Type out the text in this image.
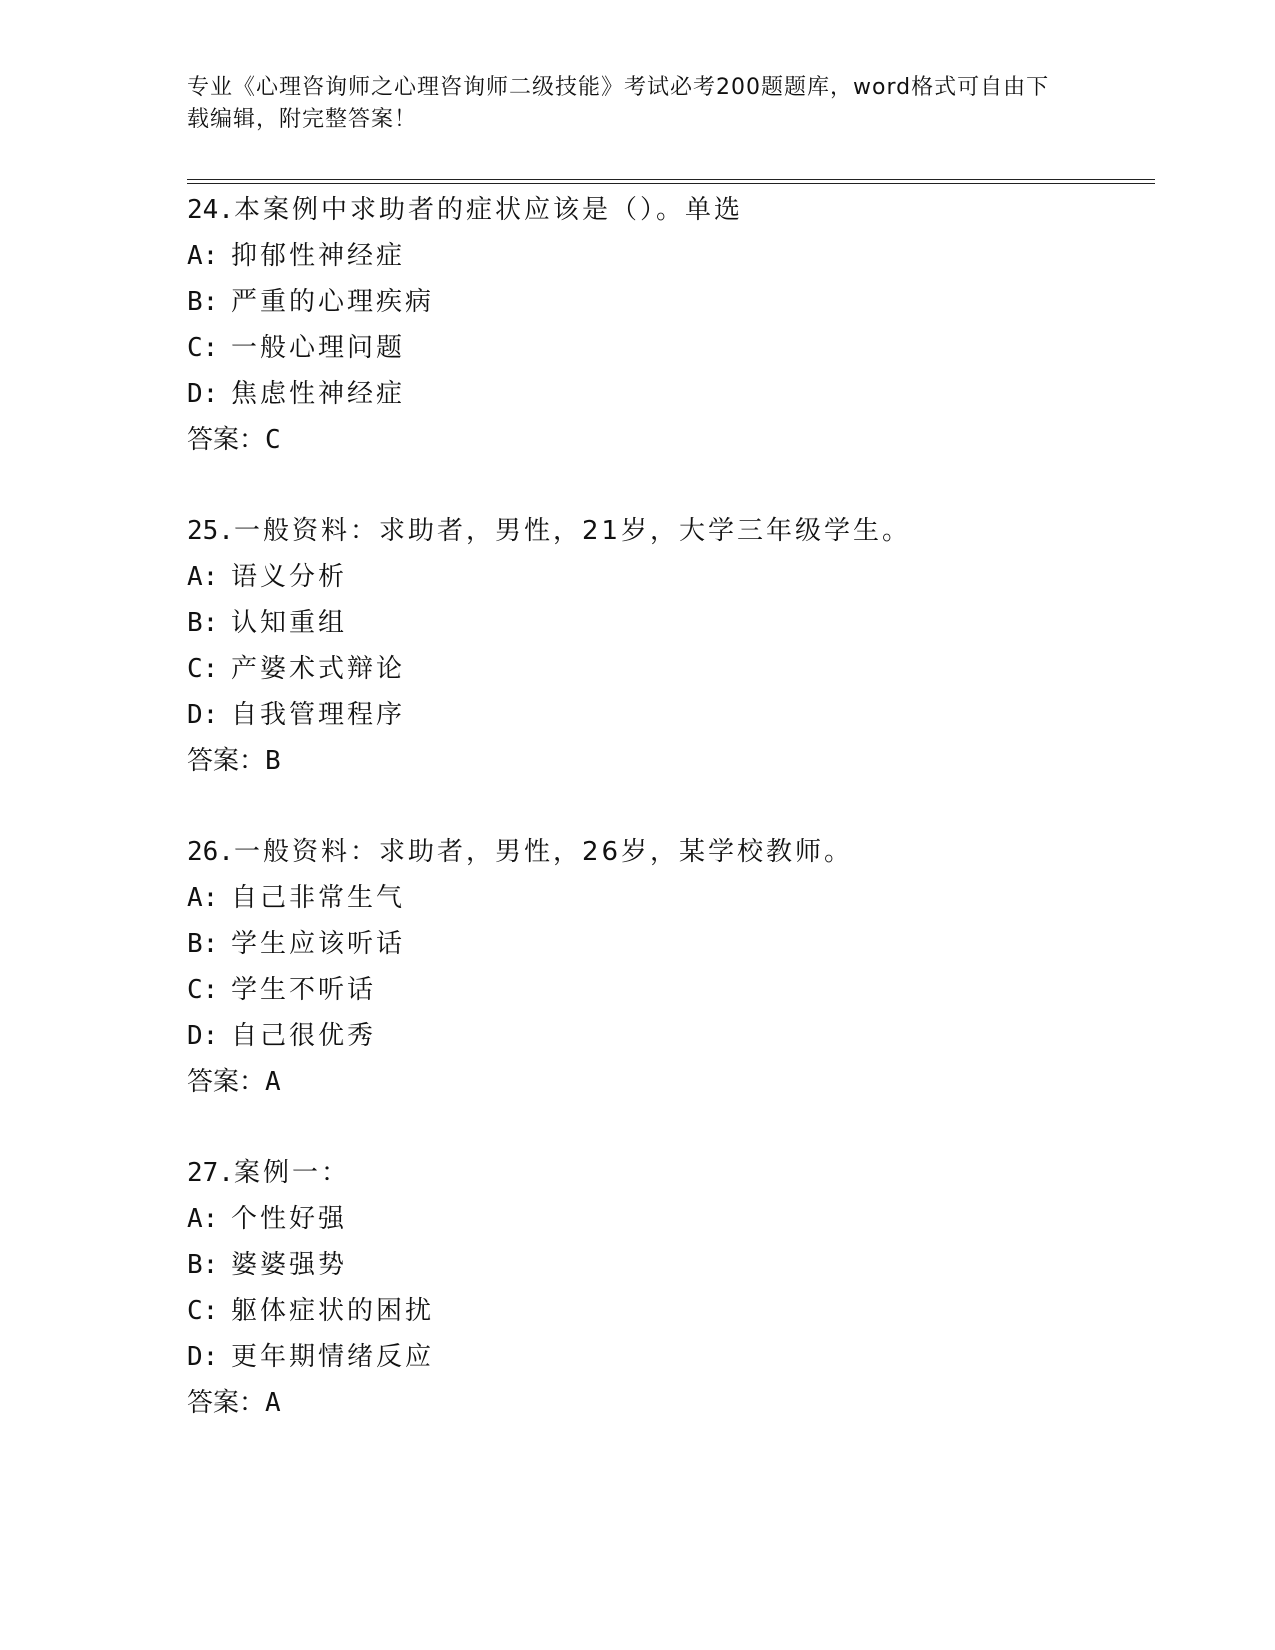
专业《心理咨询师之心理咨询师二级技能》考试必考200题题库，word格式可自由下载编辑，附完整答案！
24.本案例中求助者的症状应该是（）。单选
A: 抑郁性神经症
B: 严重的心理疾病
C: 一般心理问题
D: 焦虑性神经症
答案：C
25.一般资料：求助者，男性，21岁，大学三年级学生。
A: 语义分析
B: 认知重组
C: 产婆术式辩论
D: 自我管理程序
答案：B
26.一般资料：求助者，男性，26岁，某学校教师。
A: 自己非常生气
B: 学生应该听话
C: 学生不听话
D: 自己很优秀
答案：A
27.案例一：
A: 个性好强
B: 婆婆强势
C: 躯体症状的困扰
D: 更年期情绪反应
答案：A
